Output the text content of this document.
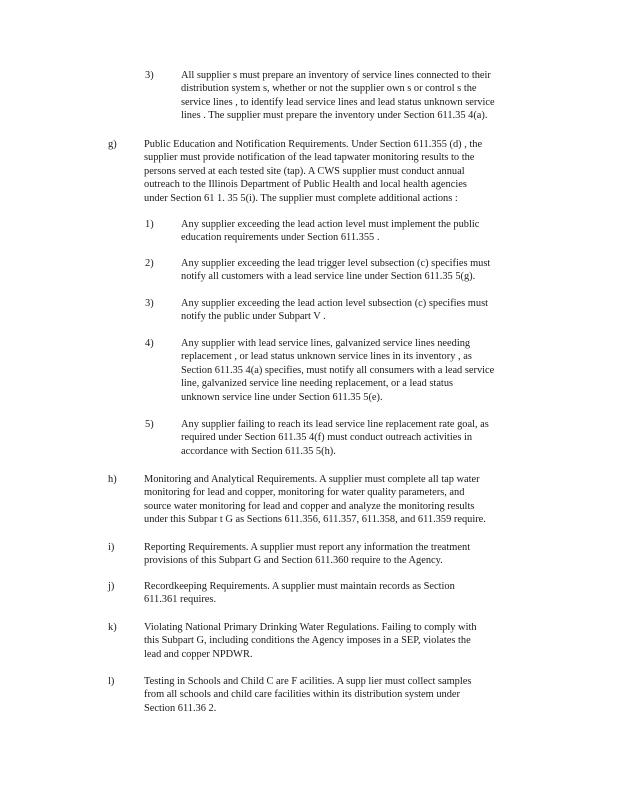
3)	All supplier s must prepare an inventory of service lines connected to their
distribution system s, whether or not the supplier own s or control s the
service lines , to identify lead service lines and lead status unknown service
lines . The supplier must prepare the inventory under Section 611.35 4(a).
g)	Public Education and Notification Requirements. Under Section 611.355 (d) , the
supplier must provide notification of the lead tapwater monitoring results to the
persons served at each tested site (tap). A CWS supplier must conduct annual
outreach to the Illinois Department of Public Health and local health agencies
under Section 61 1. 35 5(i). The supplier must complete additional actions :
1)	Any supplier exceeding the lead action level must implement the public
education requirements under Section 611.355 .
2)	Any supplier exceeding the lead trigger level subsection (c) specifies must
notify all customers with a lead service line under Section 611.35 5(g).
3)	Any supplier exceeding the lead action level subsection (c) specifies must
notify the public under Subpart V .
4)	Any supplier with lead service lines, galvanized service lines needing
replacement , or lead status unknown service lines in its inventory , as
Section 611.35 4(a) specifies, must notify all consumers with a lead service
line, galvanized service line needing replacement, or a lead status
unknown service line under Section 611.35 5(e).
5)	Any supplier failing to reach its lead service line replacement rate goal, as
required under Section 611.35 4(f) must conduct outreach activities in
accordance with Section 611.35 5(h).
h)	Monitoring and Analytical Requirements. A supplier must complete all tap water
monitoring for lead and copper, monitoring for water quality parameters, and
source water monitoring for lead and copper and analyze the monitoring results
under this Subpar t G as Sections 611.356, 611.357, 611.358, and 611.359 require.
i)	Reporting Requirements. A supplier must report any information the treatment
provisions of this Subpart G and Section 611.360 require to the Agency.
j)	Recordkeeping Requirements. A supplier must maintain records as Section
611.361 requires.
k)	Violating National Primary Drinking Water Regulations. Failing to comply with
this Subpart G, including conditions the Agency imposes in a SEP, violates the
lead and copper NPDWR.
l)	Testing in Schools and Child C are F acilities. A supp lier must collect samples
from all schools and child care facilities within its distribution system under
Section 611.36 2.
